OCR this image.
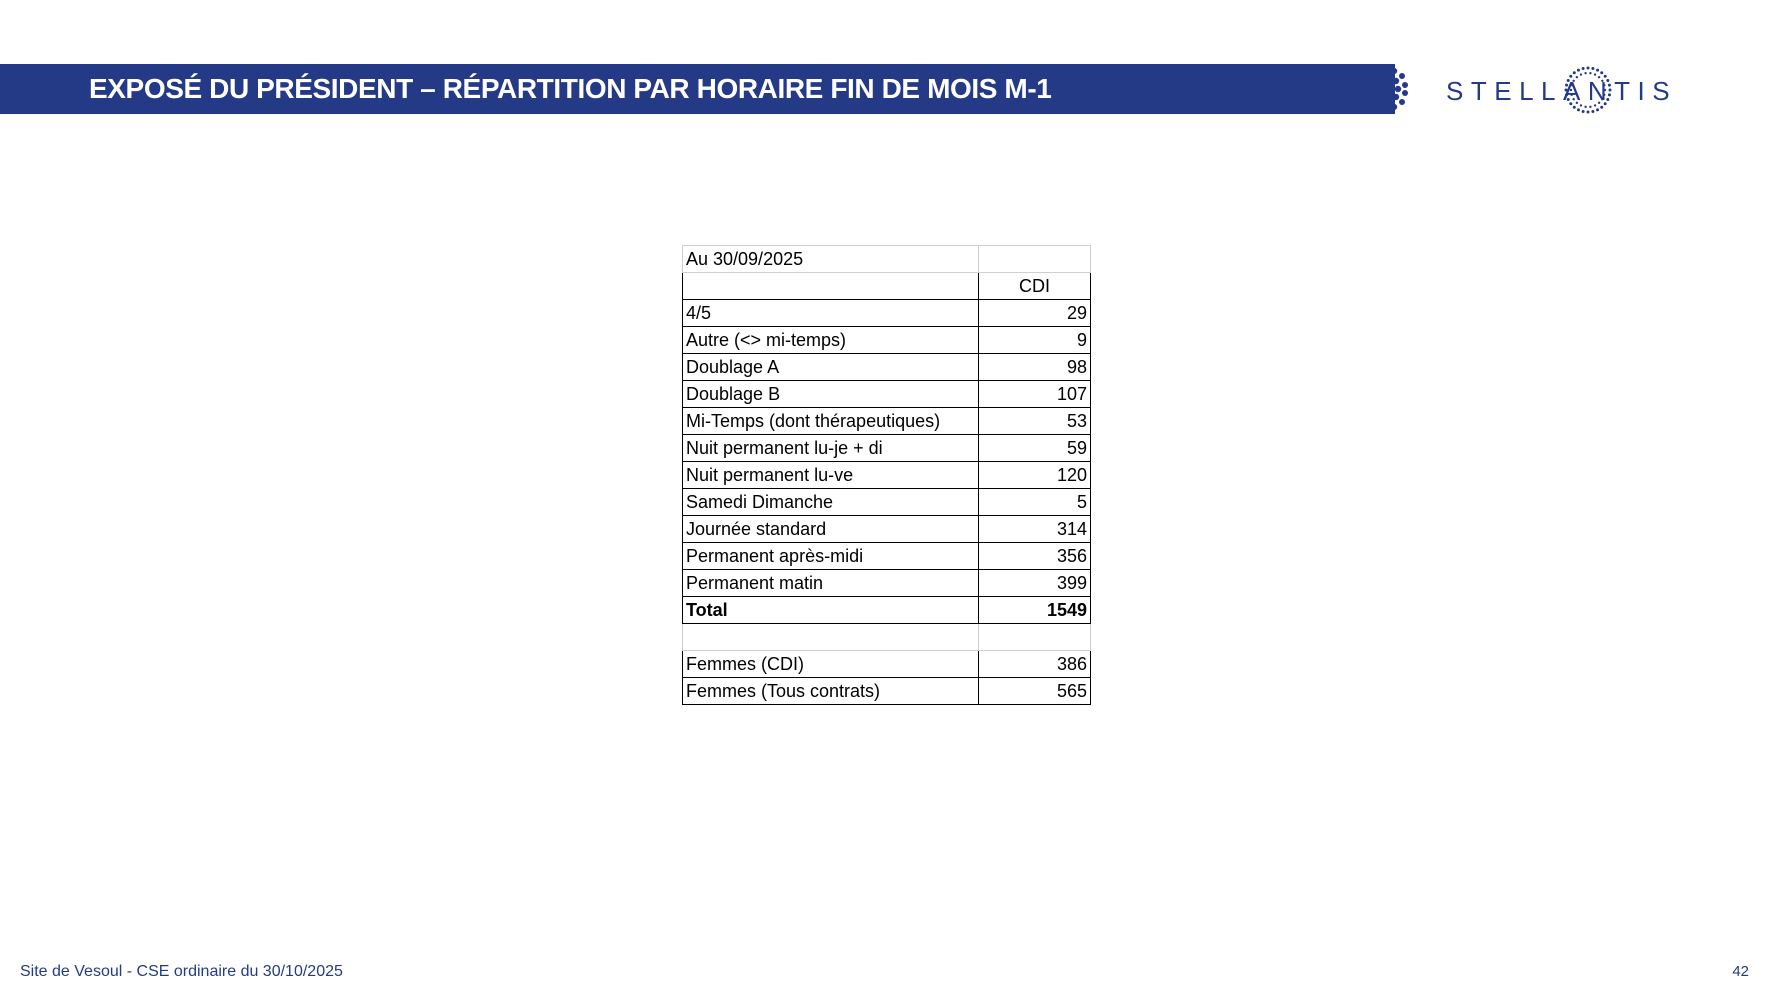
EXPOSÉ DU PRÉSIDENT – RÉPARTITION PAR HORAIRE FIN DE MOIS M-1	STELLANTIS
Au 30/09/2025	
	CDI
4/5	29
Autre (<> mi-temps)	9
Doublage A	98
Doublage B	107
Mi-Temps (dont thérapeutiques)	53
Nuit permanent lu-je + di	59
Nuit permanent lu-ve	120
Samedi Dimanche	5
Journée standard	314
Permanent après-midi	356
Permanent matin	399
Total	1549

Femmes (CDI)	386
Femmes (Tous contrats)	565
Site de Vesoul - CSE ordinaire du 30/10/2025	42
